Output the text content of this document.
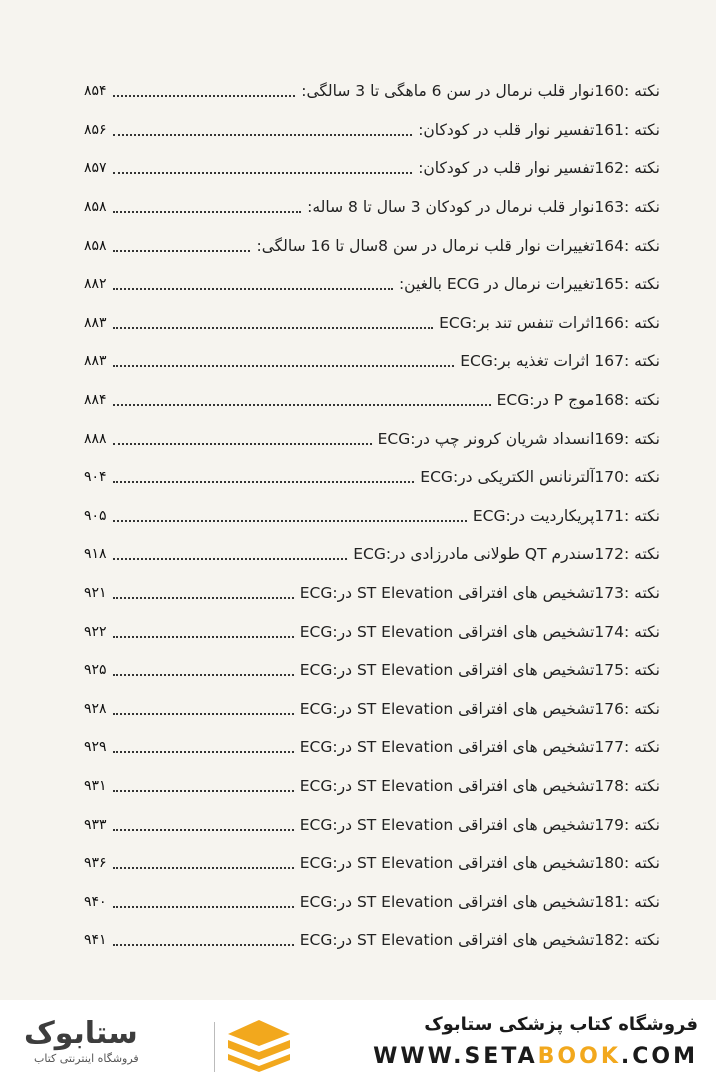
نکته :160نوار قلب نرمال در سن 6 ماهگی تا 3 سالگی:
۸۵۴
نکته :161تفسیر نوار قلب در کودکان:
۸۵۶
نکته :162تفسیر نوار قلب در کودکان:
۸۵۷
نکته :163نوار قلب نرمال در کودکان 3 سال تا 8 ساله:
۸۵۸
نکته :164تغییرات نوار قلب نرمال در سن 8سال تا 16 سالگی:
۸۵۸
نکته :165تغییرات نرمال در ECG بالغین:
۸۸۲
نکته :166اثرات تنفس تند بر:ECG
۸۸۳
نکته :167 اثرات تغذیه بر:ECG
۸۸۳
نکته :168موج P در:ECG
۸۸۴
نکته :169انسداد شریان کرونر چپ در:ECG
۸۸۸
نکته :170آلترنانس الکتریکی در:ECG
۹۰۴
نکته :171پریکاردیت در:ECG
۹۰۵
نکته :172سندرم QT طولانی مادرزادی در:ECG
۹۱۸
نکته :173تشخیص های افتراقی ST Elevation در:ECG
۹۲۱
نکته :174تشخیص های افتراقی ST Elevation در:ECG
۹۲۲
نکته :175تشخیص های افتراقی ST Elevation در:ECG
۹۲۵
نکته :176تشخیص های افتراقی ST Elevation در:ECG
۹۲۸
نکته :177تشخیص های افتراقی ST Elevation در:ECG
۹۲۹
نکته :178تشخیص های افتراقی ST Elevation در:ECG
۹۳۱
نکته :179تشخیص های افتراقی ST Elevation در:ECG
۹۳۳
نکته :180تشخیص های افتراقی ST Elevation در:ECG
۹۳۶
نکته :181تشخیص های افتراقی ST Elevation در:ECG
۹۴۰
نکته :182تشخیص های افتراقی ST Elevation در:ECG
۹۴۱
ستابوک
فروشگاه اینترنتی کتاب
فروشگاه کتاب پزشکی ستابوک
WWW.SETABOOK.COM
